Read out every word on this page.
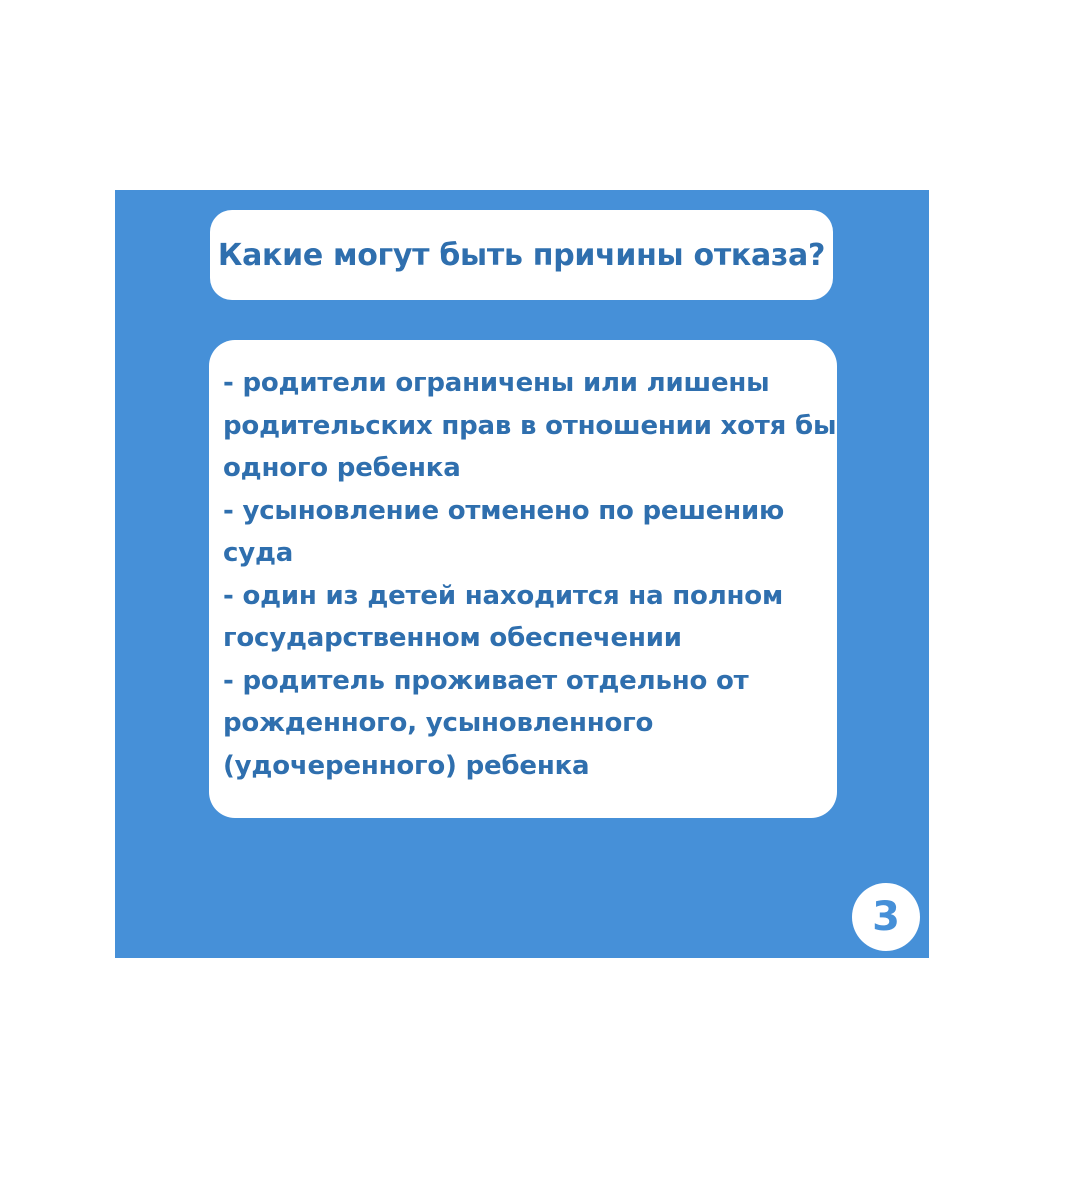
Какие могут быть причины отказа?
- родители ограничены или лишены
родительских прав в отношении хотя бы
одного ребенка
- усыновление отменено по решению
суда
- один из детей находится на полном
государственном обеспечении
- родитель проживает отдельно от
рожденного, усыновленного
(удочеренного) ребенка
3
